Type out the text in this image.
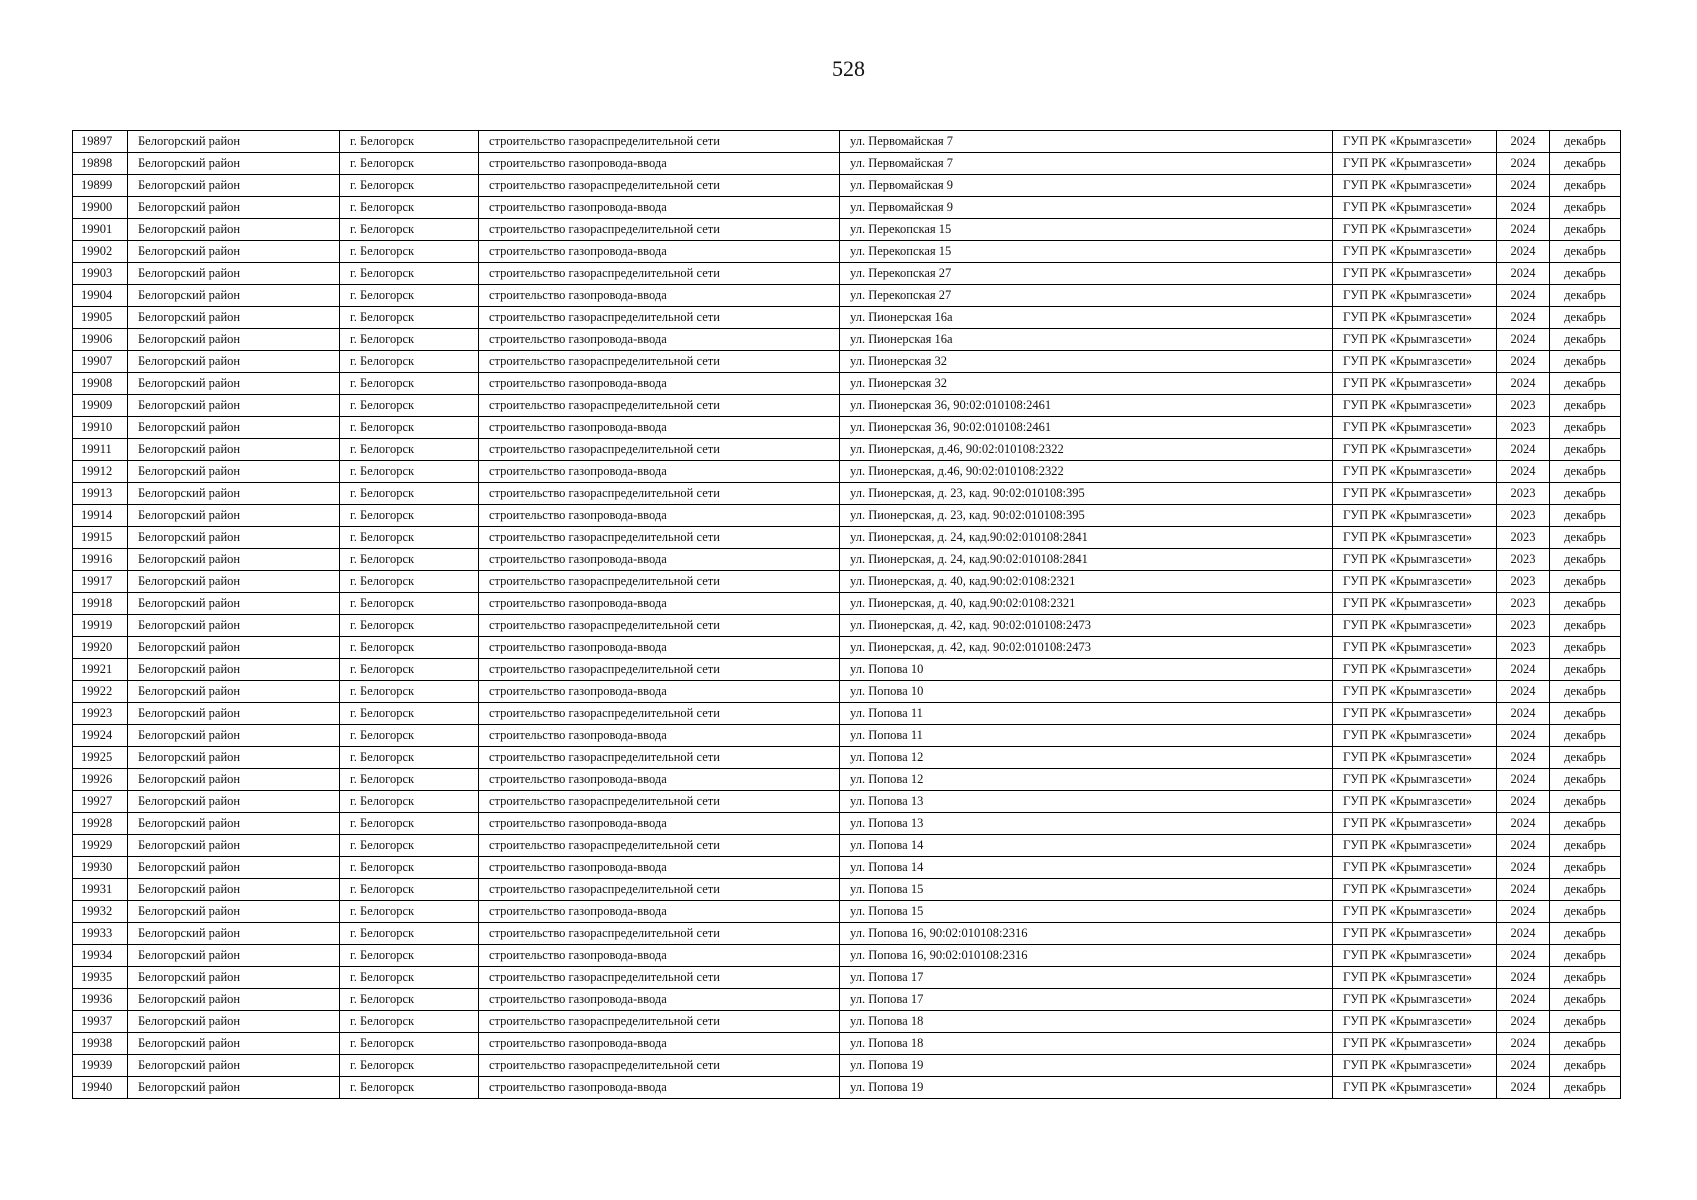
528
19897	Белогорский район	г. Белогорск	строительство газораспределительной сети	ул. Первомайская 7	ГУП РК «Крымгазсети»	2024	декабрь
19898	Белогорский район	г. Белогорск	строительство газопровода-ввода	ул. Первомайская 7	ГУП РК «Крымгазсети»	2024	декабрь
19899	Белогорский район	г. Белогорск	строительство газораспределительной сети	ул. Первомайская 9	ГУП РК «Крымгазсети»	2024	декабрь
19900	Белогорский район	г. Белогорск	строительство газопровода-ввода	ул. Первомайская 9	ГУП РК «Крымгазсети»	2024	декабрь
19901	Белогорский район	г. Белогорск	строительство газораспределительной сети	ул. Перекопская 15	ГУП РК «Крымгазсети»	2024	декабрь
19902	Белогорский район	г. Белогорск	строительство газопровода-ввода	ул. Перекопская 15	ГУП РК «Крымгазсети»	2024	декабрь
19903	Белогорский район	г. Белогорск	строительство газораспределительной сети	ул. Перекопская 27	ГУП РК «Крымгазсети»	2024	декабрь
19904	Белогорский район	г. Белогорск	строительство газопровода-ввода	ул. Перекопская 27	ГУП РК «Крымгазсети»	2024	декабрь
19905	Белогорский район	г. Белогорск	строительство газораспределительной сети	ул. Пионерская 16а	ГУП РК «Крымгазсети»	2024	декабрь
19906	Белогорский район	г. Белогорск	строительство газопровода-ввода	ул. Пионерская 16а	ГУП РК «Крымгазсети»	2024	декабрь
19907	Белогорский район	г. Белогорск	строительство газораспределительной сети	ул. Пионерская 32	ГУП РК «Крымгазсети»	2024	декабрь
19908	Белогорский район	г. Белогорск	строительство газопровода-ввода	ул. Пионерская 32	ГУП РК «Крымгазсети»	2024	декабрь
19909	Белогорский район	г. Белогорск	строительство газораспределительной сети	ул. Пионерская 36, 90:02:010108:2461	ГУП РК «Крымгазсети»	2023	декабрь
19910	Белогорский район	г. Белогорск	строительство газопровода-ввода	ул. Пионерская 36, 90:02:010108:2461	ГУП РК «Крымгазсети»	2023	декабрь
19911	Белогорский район	г. Белогорск	строительство газораспределительной сети	ул. Пионерская, д.46, 90:02:010108:2322	ГУП РК «Крымгазсети»	2024	декабрь
19912	Белогорский район	г. Белогорск	строительство газопровода-ввода	ул. Пионерская, д.46, 90:02:010108:2322	ГУП РК «Крымгазсети»	2024	декабрь
19913	Белогорский район	г. Белогорск	строительство газораспределительной сети	ул. Пионерская, д. 23, кад. 90:02:010108:395	ГУП РК «Крымгазсети»	2023	декабрь
19914	Белогорский район	г. Белогорск	строительство газопровода-ввода	ул. Пионерская, д. 23, кад. 90:02:010108:395	ГУП РК «Крымгазсети»	2023	декабрь
19915	Белогорский район	г. Белогорск	строительство газораспределительной сети	ул. Пионерская, д. 24, кад.90:02:010108:2841	ГУП РК «Крымгазсети»	2023	декабрь
19916	Белогорский район	г. Белогорск	строительство газопровода-ввода	ул. Пионерская, д. 24, кад.90:02:010108:2841	ГУП РК «Крымгазсети»	2023	декабрь
19917	Белогорский район	г. Белогорск	строительство газораспределительной сети	ул. Пионерская, д. 40, кад.90:02:0108:2321	ГУП РК «Крымгазсети»	2023	декабрь
19918	Белогорский район	г. Белогорск	строительство газопровода-ввода	ул. Пионерская, д. 40, кад.90:02:0108:2321	ГУП РК «Крымгазсети»	2023	декабрь
19919	Белогорский район	г. Белогорск	строительство газораспределительной сети	ул. Пионерская, д. 42, кад. 90:02:010108:2473	ГУП РК «Крымгазсети»	2023	декабрь
19920	Белогорский район	г. Белогорск	строительство газопровода-ввода	ул. Пионерская, д. 42, кад. 90:02:010108:2473	ГУП РК «Крымгазсети»	2023	декабрь
19921	Белогорский район	г. Белогорск	строительство газораспределительной сети	ул. Попова 10	ГУП РК «Крымгазсети»	2024	декабрь
19922	Белогорский район	г. Белогорск	строительство газопровода-ввода	ул. Попова 10	ГУП РК «Крымгазсети»	2024	декабрь
19923	Белогорский район	г. Белогорск	строительство газораспределительной сети	ул. Попова 11	ГУП РК «Крымгазсети»	2024	декабрь
19924	Белогорский район	г. Белогорск	строительство газопровода-ввода	ул. Попова 11	ГУП РК «Крымгазсети»	2024	декабрь
19925	Белогорский район	г. Белогорск	строительство газораспределительной сети	ул. Попова 12	ГУП РК «Крымгазсети»	2024	декабрь
19926	Белогорский район	г. Белогорск	строительство газопровода-ввода	ул. Попова 12	ГУП РК «Крымгазсети»	2024	декабрь
19927	Белогорский район	г. Белогорск	строительство газораспределительной сети	ул. Попова 13	ГУП РК «Крымгазсети»	2024	декабрь
19928	Белогорский район	г. Белогорск	строительство газопровода-ввода	ул. Попова 13	ГУП РК «Крымгазсети»	2024	декабрь
19929	Белогорский район	г. Белогорск	строительство газораспределительной сети	ул. Попова 14	ГУП РК «Крымгазсети»	2024	декабрь
19930	Белогорский район	г. Белогорск	строительство газопровода-ввода	ул. Попова 14	ГУП РК «Крымгазсети»	2024	декабрь
19931	Белогорский район	г. Белогорск	строительство газораспределительной сети	ул. Попова 15	ГУП РК «Крымгазсети»	2024	декабрь
19932	Белогорский район	г. Белогорск	строительство газопровода-ввода	ул. Попова 15	ГУП РК «Крымгазсети»	2024	декабрь
19933	Белогорский район	г. Белогорск	строительство газораспределительной сети	ул. Попова 16, 90:02:010108:2316	ГУП РК «Крымгазсети»	2024	декабрь
19934	Белогорский район	г. Белогорск	строительство газопровода-ввода	ул. Попова 16, 90:02:010108:2316	ГУП РК «Крымгазсети»	2024	декабрь
19935	Белогорский район	г. Белогорск	строительство газораспределительной сети	ул. Попова 17	ГУП РК «Крымгазсети»	2024	декабрь
19936	Белогорский район	г. Белогорск	строительство газопровода-ввода	ул. Попова 17	ГУП РК «Крымгазсети»	2024	декабрь
19937	Белогорский район	г. Белогорск	строительство газораспределительной сети	ул. Попова 18	ГУП РК «Крымгазсети»	2024	декабрь
19938	Белогорский район	г. Белогорск	строительство газопровода-ввода	ул. Попова 18	ГУП РК «Крымгазсети»	2024	декабрь
19939	Белогорский район	г. Белогорск	строительство газораспределительной сети	ул. Попова 19	ГУП РК «Крымгазсети»	2024	декабрь
19940	Белогорский район	г. Белогорск	строительство газопровода-ввода	ул. Попова 19	ГУП РК «Крымгазсети»	2024	декабрь
